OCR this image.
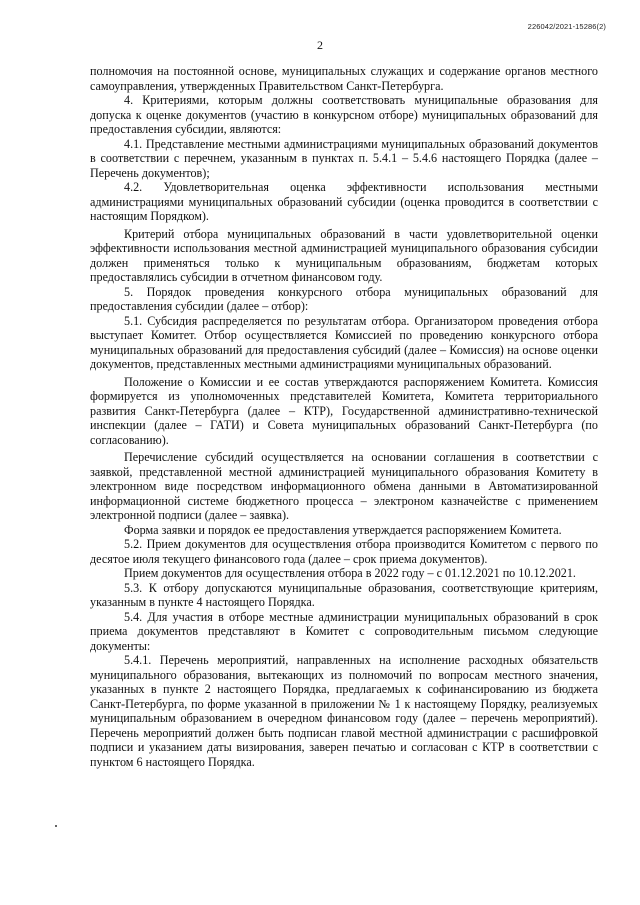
226042/2021-15286(2)
2

полномочия на постоянной основе, муниципальных служащих и содержание органов местного самоуправления, утвержденных Правительством Санкт-Петербурга.

4. Критериями, которым должны соответствовать муниципальные образования для допуска к оценке документов (участию в конкурсном отборе) муниципальных образований для предоставления субсидии, являются:

4.1. Представление местными администрациями муниципальных образований документов в соответствии с перечнем, указанным в пунктах п. 5.4.1 – 5.4.6 настоящего Порядка (далее – Перечень документов);

4.2. Удовлетворительная оценка эффективности использования местными администрациями муниципальных образований субсидии (оценка проводится в соответствии с настоящим Порядком).

Критерий отбора муниципальных образований в части удовлетворительной оценки эффективности использования местной администрацией муниципального образования субсидии должен применяться только к муниципальным образованиям, бюджетам которых предоставлялись субсидии в отчетном финансовом году.

5. Порядок проведения конкурсного отбора муниципальных образований для предоставления субсидии (далее – отбор):

5.1. Субсидия распределяется по результатам отбора. Организатором проведения отбора выступает Комитет. Отбор осуществляется Комиссией по проведению конкурсного отбора муниципальных образований для предоставления субсидий (далее – Комиссия) на основе оценки документов, представленных местными администрациями муниципальных образований.

Положение о Комиссии и ее состав утверждаются распоряжением Комитета. Комиссия формируется из уполномоченных представителей Комитета, Комитета территориального развития Санкт-Петербурга (далее – КТР), Государственной административно-технической инспекции (далее – ГАТИ) и Совета муниципальных образований Санкт-Петербурга (по согласованию).

Перечисление субсидий осуществляется на основании соглашения в соответствии с заявкой, представленной местной администрацией муниципального образования Комитету в электронном виде посредством информационного обмена данными в Автоматизированной информационной системе бюджетного процесса – электроном казначействе с применением электронной подписи (далее – заявка).

Форма заявки и порядок ее предоставления утверждается распоряжением Комитета.

5.2. Прием документов для осуществления отбора производится Комитетом с первого по десятое июля текущего финансового года (далее – срок приема документов).

Прием документов для осуществления отбора в 2022 году – с 01.12.2021 по 10.12.2021.

5.3. К отбору допускаются муниципальные образования, соответствующие критериям, указанным в пункте 4 настоящего Порядка.

5.4. Для участия в отборе местные администрации муниципальных образований в срок приема документов представляют в Комитет с сопроводительным письмом следующие документы:

5.4.1. Перечень мероприятий, направленных на исполнение расходных обязательств муниципального образования, вытекающих из полномочий по вопросам местного значения, указанных в пункте 2 настоящего Порядка, предлагаемых к софинансированию из бюджета Санкт-Петербурга, по форме указанной в приложении № 1 к настоящему Порядку, реализуемых муниципальным образованием в очередном финансовом году (далее – перечень мероприятий). Перечень мероприятий должен быть подписан главой местной администрации с расшифровкой подписи и указанием даты визирования, заверен печатью и согласован с КТР в соответствии с пунктом 6 настоящего Порядка.
